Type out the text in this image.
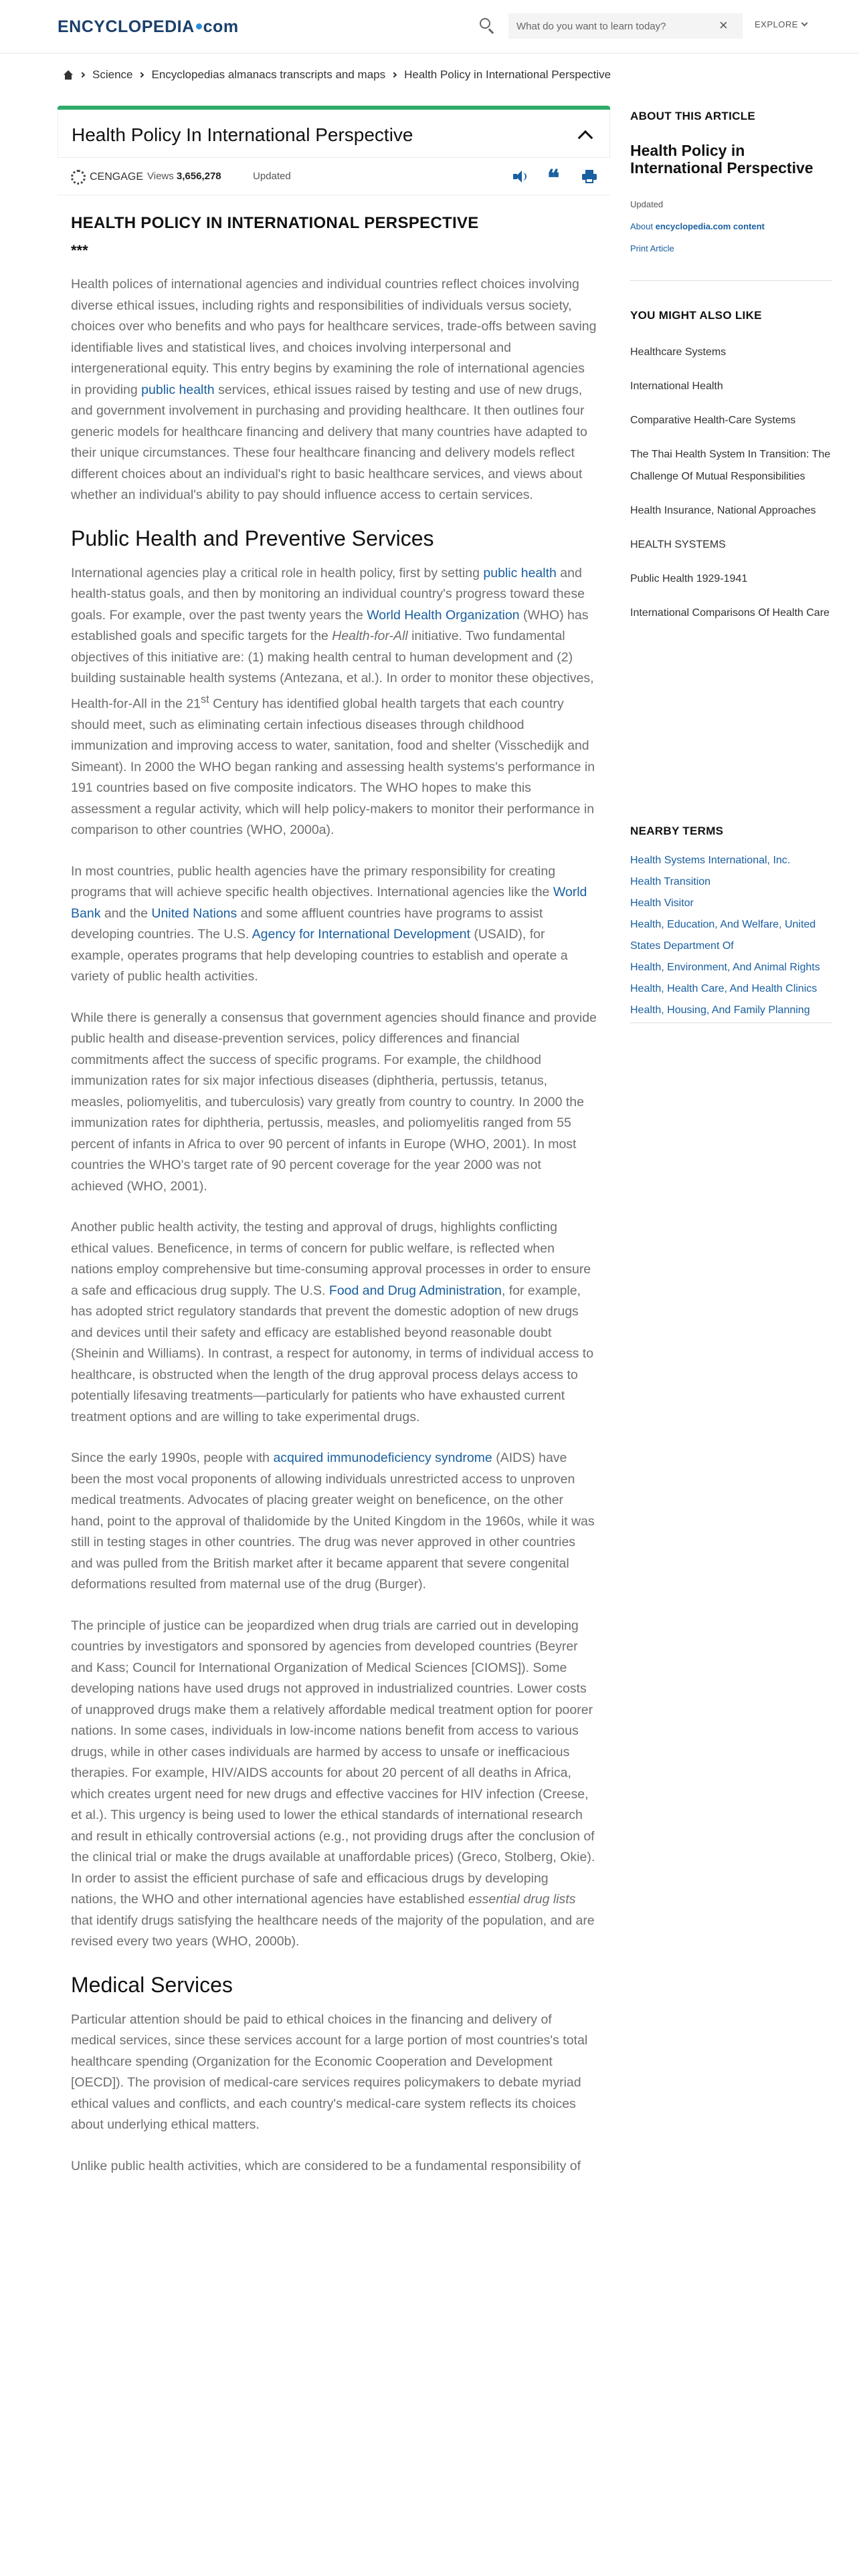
ENCYCLOPEDIA com
What do you want to learn today?	×	EXPLORE
Science Encyclopedias almanacs transcripts and maps Health Policy in International Perspective
Health Policy In International Perspective
CENGAGE Views 3,656,278	Updated	❝
HEALTH POLICY IN INTERNATIONAL PERSPECTIVE
***

Health polices of international agencies and individual countries reflect choices involving diverse ethical issues, including rights and responsibilities of individuals versus society, choices over who benefits and who pays for healthcare services, trade-offs between saving identifiable lives and statistical lives, and choices involving interpersonal and intergenerational equity. This entry begins by examining the role of international agencies in providing public health services, ethical issues raised by testing and use of new drugs, and government involvement in purchasing and providing healthcare. It then outlines four generic models for healthcare financing and delivery that many countries have adapted to their unique circumstances. These four healthcare financing and delivery models reflect different choices about an individual's right to basic healthcare services, and views about whether an individual's ability to pay should influence access to certain services.

Public Health and Preventive Services

International agencies play a critical role in health policy, first by setting public health and health-status goals, and then by monitoring an individual country's progress toward these goals. For example, over the past twenty years the World Health Organization (WHO) has established goals and specific targets for the Health-for-All initiative. Two fundamental objectives of this initiative are: (1) making health central to human development and (2) building sustainable health systems (Antezana, et al.). In order to monitor these objectives, Health-for-All in the 21st Century has identified global health targets that each country should meet, such as eliminating certain infectious diseases through childhood immunization and improving access to water, sanitation, food and shelter (Visschedijk and Simeant). In 2000 the WHO began ranking and assessing health systems's performance in 191 countries based on five composite indicators. The WHO hopes to make this assessment a regular activity, which will help policy-makers to monitor their performance in comparison to other countries (WHO, 2000a).

In most countries, public health agencies have the primary responsibility for creating programs that will achieve specific health objectives. International agencies like the World Bank and the United Nations and some affluent countries have programs to assist developing countries. The U.S. Agency for International Development (USAID), for example, operates programs that help developing countries to establish and operate a variety of public health activities.

While there is generally a consensus that government agencies should finance and provide public health and disease-prevention services, policy differences and financial commitments affect the success of specific programs. For example, the childhood immunization rates for six major infectious diseases (diphtheria, pertussis, tetanus, measles, poliomyelitis, and tuberculosis) vary greatly from country to country. In 2000 the immunization rates for diphtheria, pertussis, measles, and poliomyelitis ranged from 55 percent of infants in Africa to over 90 percent of infants in Europe (WHO, 2001). In most countries the WHO's target rate of 90 percent coverage for the year 2000 was not achieved (WHO, 2001).

Another public health activity, the testing and approval of drugs, highlights conflicting ethical values. Beneficence, in terms of concern for public welfare, is reflected when nations employ comprehensive but time-consuming approval processes in order to ensure a safe and efficacious drug supply. The U.S. Food and Drug Administration, for example, has adopted strict regulatory standards that prevent the domestic adoption of new drugs and devices until their safety and efficacy are established beyond reasonable doubt (Sheinin and Williams). In contrast, a respect for autonomy, in terms of individual access to healthcare, is obstructed when the length of the drug approval process delays access to potentially lifesaving treatments—particularly for patients who have exhausted current treatment options and are willing to take experimental drugs.

Since the early 1990s, people with acquired immunodeficiency syndrome (AIDS) have been the most vocal proponents of allowing individuals unrestricted access to unproven medical treatments. Advocates of placing greater weight on beneficence, on the other hand, point to the approval of thalidomide by the United Kingdom in the 1960s, while it was still in testing stages in other countries. The drug was never approved in other countries and was pulled from the British market after it became apparent that severe congenital deformations resulted from maternal use of the drug (Burger).

The principle of justice can be jeopardized when drug trials are carried out in developing countries by investigators and sponsored by agencies from developed countries (Beyrer and Kass; Council for International Organization of Medical Sciences [CIOMS]). Some developing nations have used drugs not approved in industrialized countries. Lower costs of unapproved drugs make them a relatively affordable medical treatment option for poorer nations. In some cases, individuals in low-income nations benefit from access to various drugs, while in other cases individuals are harmed by access to unsafe or inefficacious therapies. For example, HIV/AIDS accounts for about 20 percent of all deaths in Africa, which creates urgent need for new drugs and effective vaccines for HIV infection (Creese, et al.). This urgency is being used to lower the ethical standards of international research and result in ethically controversial actions (e.g., not providing drugs after the conclusion of the clinical trial or make the drugs available at unaffordable prices) (Greco, Stolberg, Okie). In order to assist the efficient purchase of safe and efficacious drugs by developing nations, the WHO and other international agencies have established essential drug lists that identify drugs satisfying the healthcare needs of the majority of the population, and are revised every two years (WHO, 2000b).

Medical Services

Particular attention should be paid to ethical choices in the financing and delivery of medical services, since these services account for a large portion of most countries's total healthcare spending (Organization for the Economic Cooperation and Development [OECD]). The provision of medical-care services requires policymakers to debate myriad ethical values and conflicts, and each country's medical-care system reflects its choices about underlying ethical matters.

Unlike public health activities, which are considered to be a fundamental responsibility of

ABOUT THIS ARTICLE
Health Policy in International Perspective
Updated
About encyclopedia.com content
Print Article
YOU MIGHT ALSO LIKE
Healthcare Systems
International Health
Comparative Health-Care Systems
The Thai Health System In Transition: The Challenge Of Mutual Responsibilities
Health Insurance, National Approaches
HEALTH SYSTEMS
Public Health 1929-1941
International Comparisons Of Health Care
NEARBY TERMS
Health Systems International, Inc.
Health Transition
Health Visitor
Health, Education, And Welfare, United States Department Of
Health, Environment, And Animal Rights
Health, Health Care, And Health Clinics
Health, Housing, And Family Planning
